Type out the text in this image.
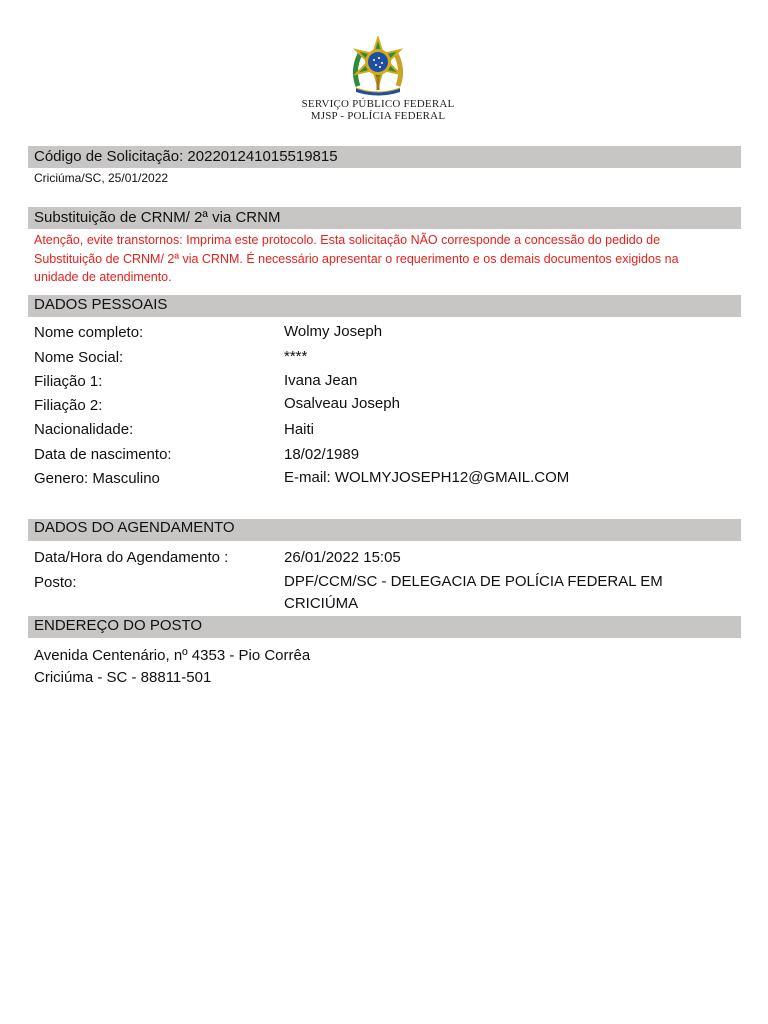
SERVIÇO PÚBLICO FEDERAL
MJSP - POLÍCIA FEDERAL
Código de Solicitação: 202201241015519815
Criciúma/SC, 25/01/2022
Substituição de CRNM/ 2ª via CRNM
Atenção, evite transtornos: Imprima este protocolo. Esta solicitação NÃO corresponde a concessão do pedido de Substituição de CRNM/ 2ª via CRNM. É necessário apresentar o requerimento e os demais documentos exigidos na unidade de atendimento.
DADOS PESSOAIS
Nome completo:	Wolmy Joseph
Nome Social:	****
Filiação 1:	Ivana Jean
Filiação 2:	Osalveau Joseph
Nacionalidade:	Haiti
Data de nascimento:	18/02/1989
Genero: Masculino	E-mail: WOLMYJOSEPH12@GMAIL.COM
DADOS DO AGENDAMENTO
Data/Hora do Agendamento :	26/01/2022 15:05
Posto:	DPF/CCM/SC - DELEGACIA DE POLÍCIA FEDERAL EM CRICIÚMA
ENDEREÇO DO POSTO
Avenida Centenário, nº 4353 - Pio Corrêa
Criciúma - SC - 88811-501
